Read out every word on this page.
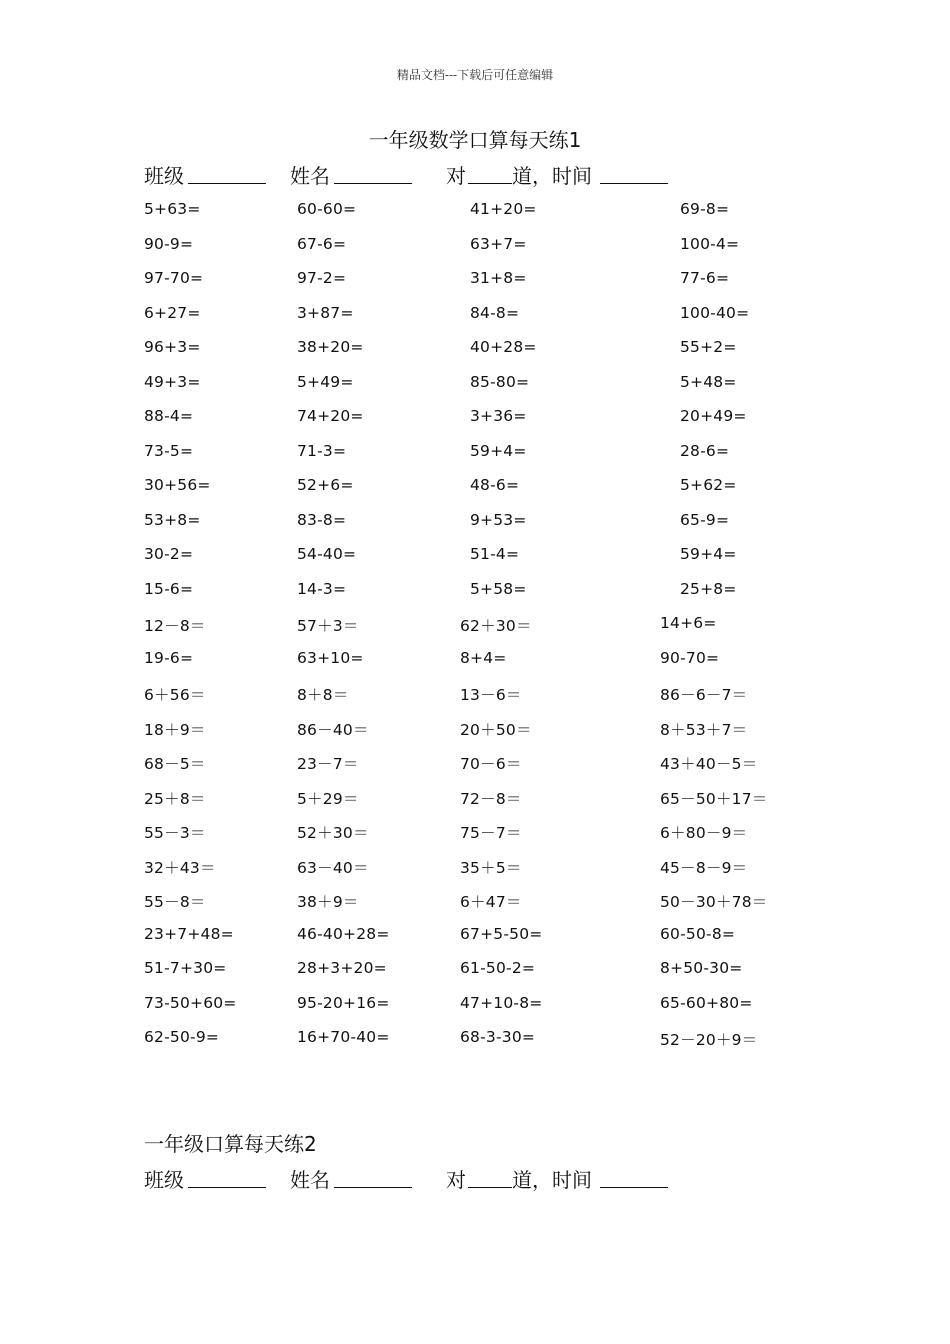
精品文档---下载后可任意编辑
一年级数学口算每天练1
班级	姓名	对 道，时间
5+63=	60-60=	41+20=	69-8=
90-9=	67-6=	63+7=	100-4=
97-70=	97-2=	31+8=	77-6=
6+27=	3+87=	84-8=	100-40=
96+3=	38+20=	40+28=	55+2=
49+3=	5+49=	85-80=	5+48=
88-4=	74+20=	3+36=	20+49=
73-5=	71-3=	59+4=	28-6=
30+56=	52+6=	48-6=	5+62=
53+8=	83-8=	9+53=	65-9=
30-2=	54-40=	51-4=	59+4=
15-6=	14-3=	5+58=	25+8=
12－8＝	57＋3＝	62＋30＝	14+6=
19-6=	63+10=	8+4=	90-70=
6＋56＝	8＋8＝	13－6＝	86－6－7＝
18＋9＝	86－40＝	20＋50＝	8＋53＋7＝
68－5＝	23－7＝	70－6＝	43＋40－5＝
25＋8＝	5＋29＝	72－8＝	65－50＋17＝
55－3＝	52＋30＝	75－7＝	6＋80－9＝
32＋43＝	63－40＝	35＋5＝	45－8－9＝
55－8＝	38＋9＝	6＋47＝	50－30＋78＝
23+7+48=	46-40+28=	67+5-50=	60-50-8=
51-7+30=	28+3+20=	61-50-2=	8+50-30=
73-50+60=	95-20+16=	47+10-8=	65-60+80=
62-50-9=	16+70-40=	68-3-30=	52－20＋9＝
一年级口算每天练2
班级	姓名	对 道，时间
